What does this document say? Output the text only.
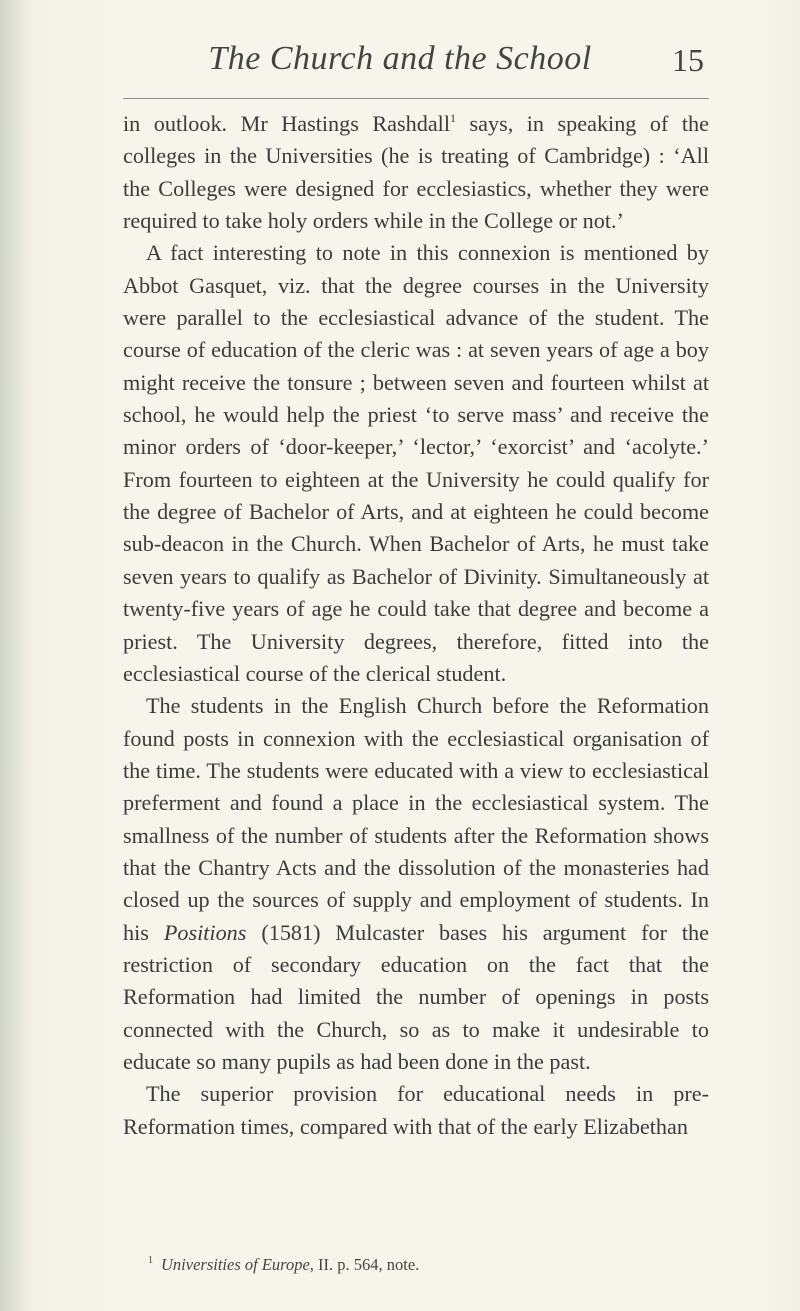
The Church and the School	15

in outlook. Mr Hastings Rashdall$^1$ says, in speaking of the colleges in the Universities (he is treating of Cambridge) : ‘All the Colleges were designed for ecclesiastics, whether they were required to take holy orders while in the College or not.’

A fact interesting to note in this connexion is mentioned by Abbot Gasquet, viz. that the degree courses in the University were parallel to the ecclesiastical advance of the student. The course of education of the cleric was : at seven years of age a boy might receive the tonsure ; between seven and fourteen whilst at school, he would help the priest ‘to serve mass’ and receive the minor orders of ‘door-keeper,’ ‘lector,’ ‘exorcist’ and ‘acolyte.’ From fourteen to eighteen at the University he could qualify for the degree of Bachelor of Arts, and at eighteen he could become sub-deacon in the Church. When Bachelor of Arts, he must take seven years to qualify as Bachelor of Divinity. Simultaneously at twenty-five years of age he could take that degree and become a priest. The University degrees, therefore, fitted into the ecclesiastical course of the clerical student.

The students in the English Church before the Reformation found posts in connexion with the ecclesiastical organisation of the time. The students were educated with a view to ecclesiastical preferment and found a place in the ecclesiastical system. The smallness of the number of students after the Reformation shows that the Chantry Acts and the dissolution of the monasteries had closed up the sources of supply and employment of students. In his Positions (1581) Mulcaster bases his argument for the restriction of secondary education on the fact that the Reformation had limited the number of openings in posts connected with the Church, so as to make it undesirable to educate so many pupils as had been done in the past.

The superior provision for educational needs in pre-Reformation times, compared with that of the early Elizabethan

$^1$ Universities of Europe, II. p. 564, note.
